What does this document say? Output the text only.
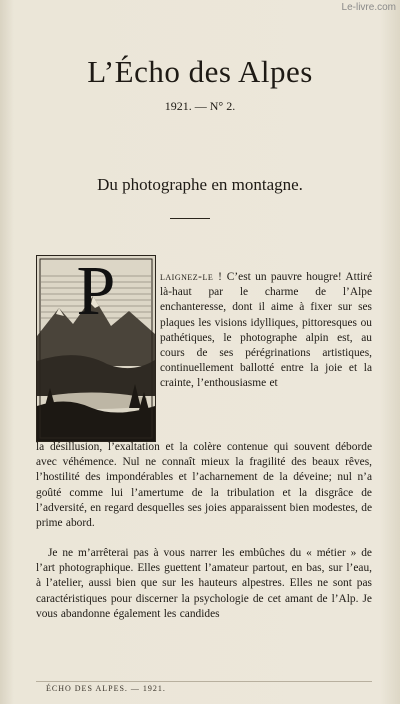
Le-livre.com
L’Écho des Alpes
1921. — N° 2.
Du photographe en montagne.
P	laignez-le ! C’est un pauvre hougre! Attiré là-haut par le charme de l’Alpe enchanteresse, dont il aime à fixer sur ses plaques les visions idylliques, pittoresques ou pathétiques, le photographe alpin est, au cours de ses pérégrinations artistiques, continuellement ballotté entre la joie et la crainte, l’enthousiasme et
la désillusion, l’exaltation et la colère contenue qui souvent déborde avec véhémence. Nul ne connaît mieux la fragilité des beaux rêves, l’hostilité des impondérables et l’acharnement de la déveine; nul n’a goûté comme lui l’amertume de la tribulation et la disgrâce de l’adversité, en regard desquelles ses joies apparaissent bien modestes, de prime abord.
Je ne m’arrêterai pas à vous narrer les embûches du « métier » de l’art photographique. Elles guettent l’amateur partout, en bas, sur l’eau, à l’atelier, aussi bien que sur les hauteurs alpestres. Elles ne sont pas caractéristiques pour discerner la psychologie de cet amant de l’Alp. Je vous abandonne également les candides
ÉCHO DES ALPES. — 1921.
